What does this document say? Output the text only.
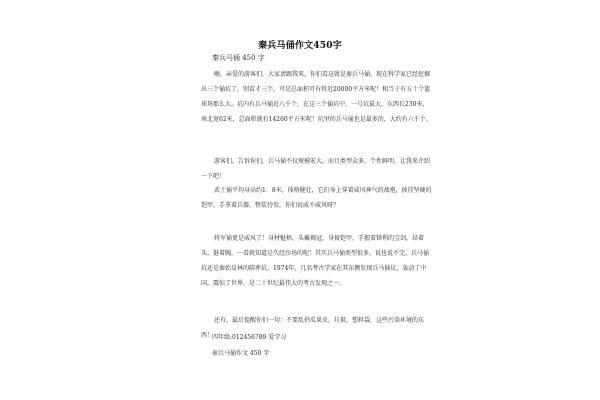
秦兵马俑作文450字
秦兵马俑 450 字

嗨，亲爱的游客们，大家请跟我来，你们看这就是秦兵马俑。现在科学家已经挖掘出三个俑坑了，别看才三个，可是总面积可有将近20000平方米呢！相当于有五十个篮球场那么大。坑内有兵马俑近八千个，在这三个俑坑中，一号坑最大，东西长230米，南北宽62米，总面积就有14260平方米呢！坑里的兵马俑也是最多的，大约有六千个。

游客们，告诉你们，兵马俑不仅规模宏大，而且类型众多，个性鲜明，让我来介绍一下吧！

武士俑平均身高约1．8米，体格健壮，它们身上穿着威风神气的战袍，披挂坚硬的铠甲，手拿着兵器，整装待发，你们说威不威风呀？

将军俑更是威风了！身材魁梧，头戴褐冠，身披铠甲，手握着锋利的宝剑，昂着头，挺着胸，一看就知道是久经沙场的呢！其实兵马俑类型很多，说也说不完。兵马俑坑还是秦始皇林的陪葬坑，1974年，几名考古学家在其东侧发现兵马俑坑，轰动了中国，震惊了世界，是二十世纪最伟大的考古发现之一。

还有，最后提醒你们一句：不要乱扔瓜果皮，垃圾，塑料袋，这些污染环境的东西！

四年级:012456789 爱学习
秦兵马俑作文 450 字
